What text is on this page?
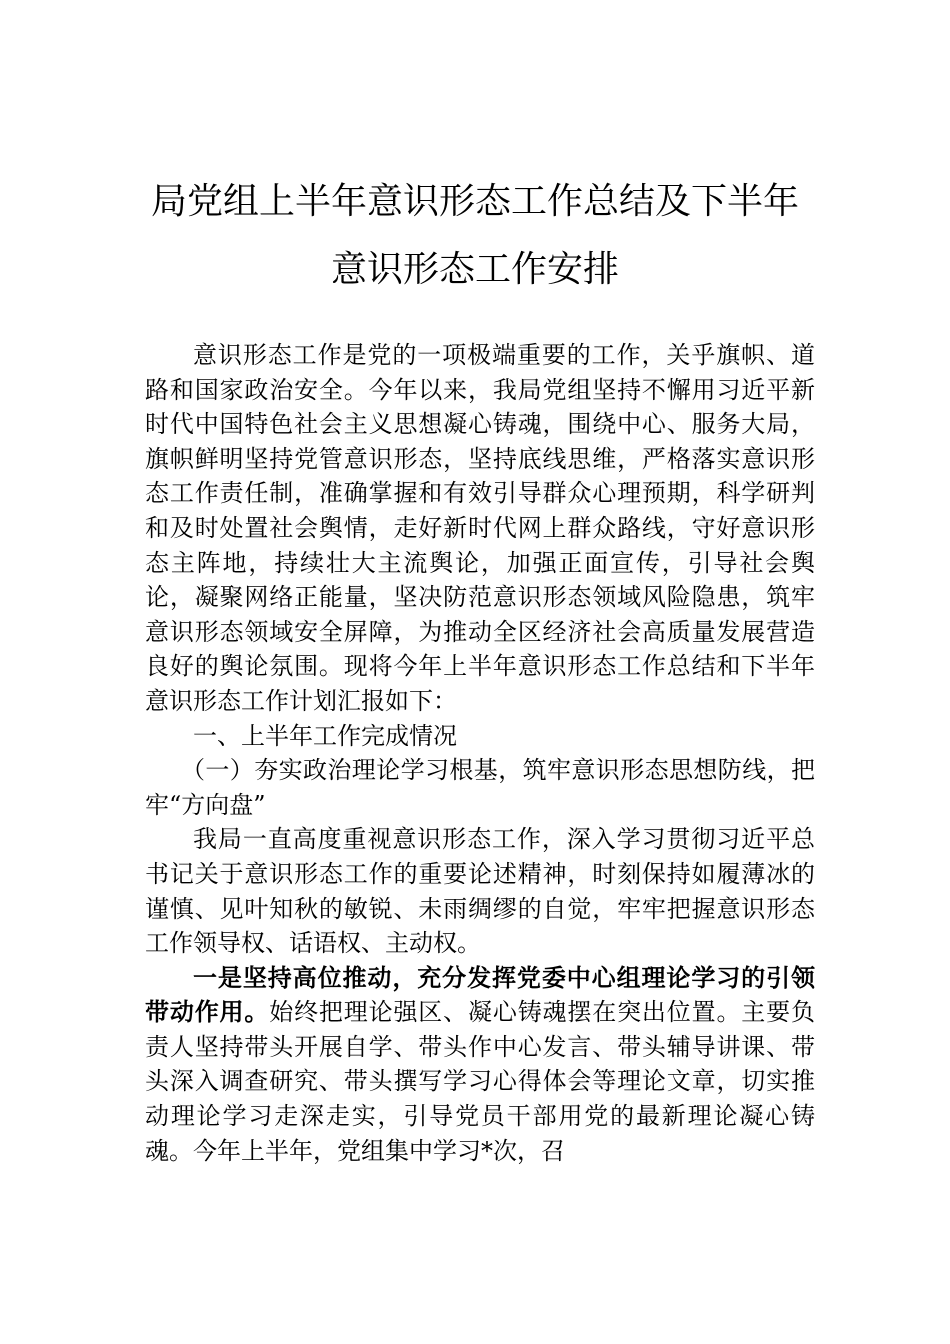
局党组上半年意识形态工作总结及下半年
意识形态工作安排

意识形态工作是党的一项极端重要的工作，关乎旗帜、道路和国家政治安全。今年以来，我局党组坚持不懈用习近平新时代中国特色社会主义思想凝心铸魂，围绕中心、服务大局，旗帜鲜明坚持党管意识形态，坚持底线思维，严格落实意识形态工作责任制，准确掌握和有效引导群众心理预期，科学研判和及时处置社会舆情，走好新时代网上群众路线，守好意识形态主阵地，持续壮大主流舆论，加强正面宣传，引导社会舆论，凝聚网络正能量，坚决防范意识形态领域风险隐患，筑牢意识形态领域安全屏障，为推动全区经济社会高质量发展营造良好的舆论氛围。现将今年上半年意识形态工作总结和下半年意识形态工作计划汇报如下：

一、上半年工作完成情况

（一）夯实政治理论学习根基，筑牢意识形态思想防线，把牢“方向盘”

我局一直高度重视意识形态工作，深入学习贯彻习近平总书记关于意识形态工作的重要论述精神，时刻保持如履薄冰的谨慎、见叶知秋的敏锐、未雨绸缪的自觉，牢牢把握意识形态工作领导权、话语权、主动权。

一是坚持高位推动，充分发挥党委中心组理论学习的引领带动作用。始终把理论强区、凝心铸魂摆在突出位置。主要负责人坚持带头开展自学、带头作中心发言、带头辅导讲课、带头深入调查研究、带头撰写学习心得体会等理论文章，切实推动理论学习走深走实，引导党员干部用党的最新理论凝心铸魂。今年上半年，党组集中学习*次，召
